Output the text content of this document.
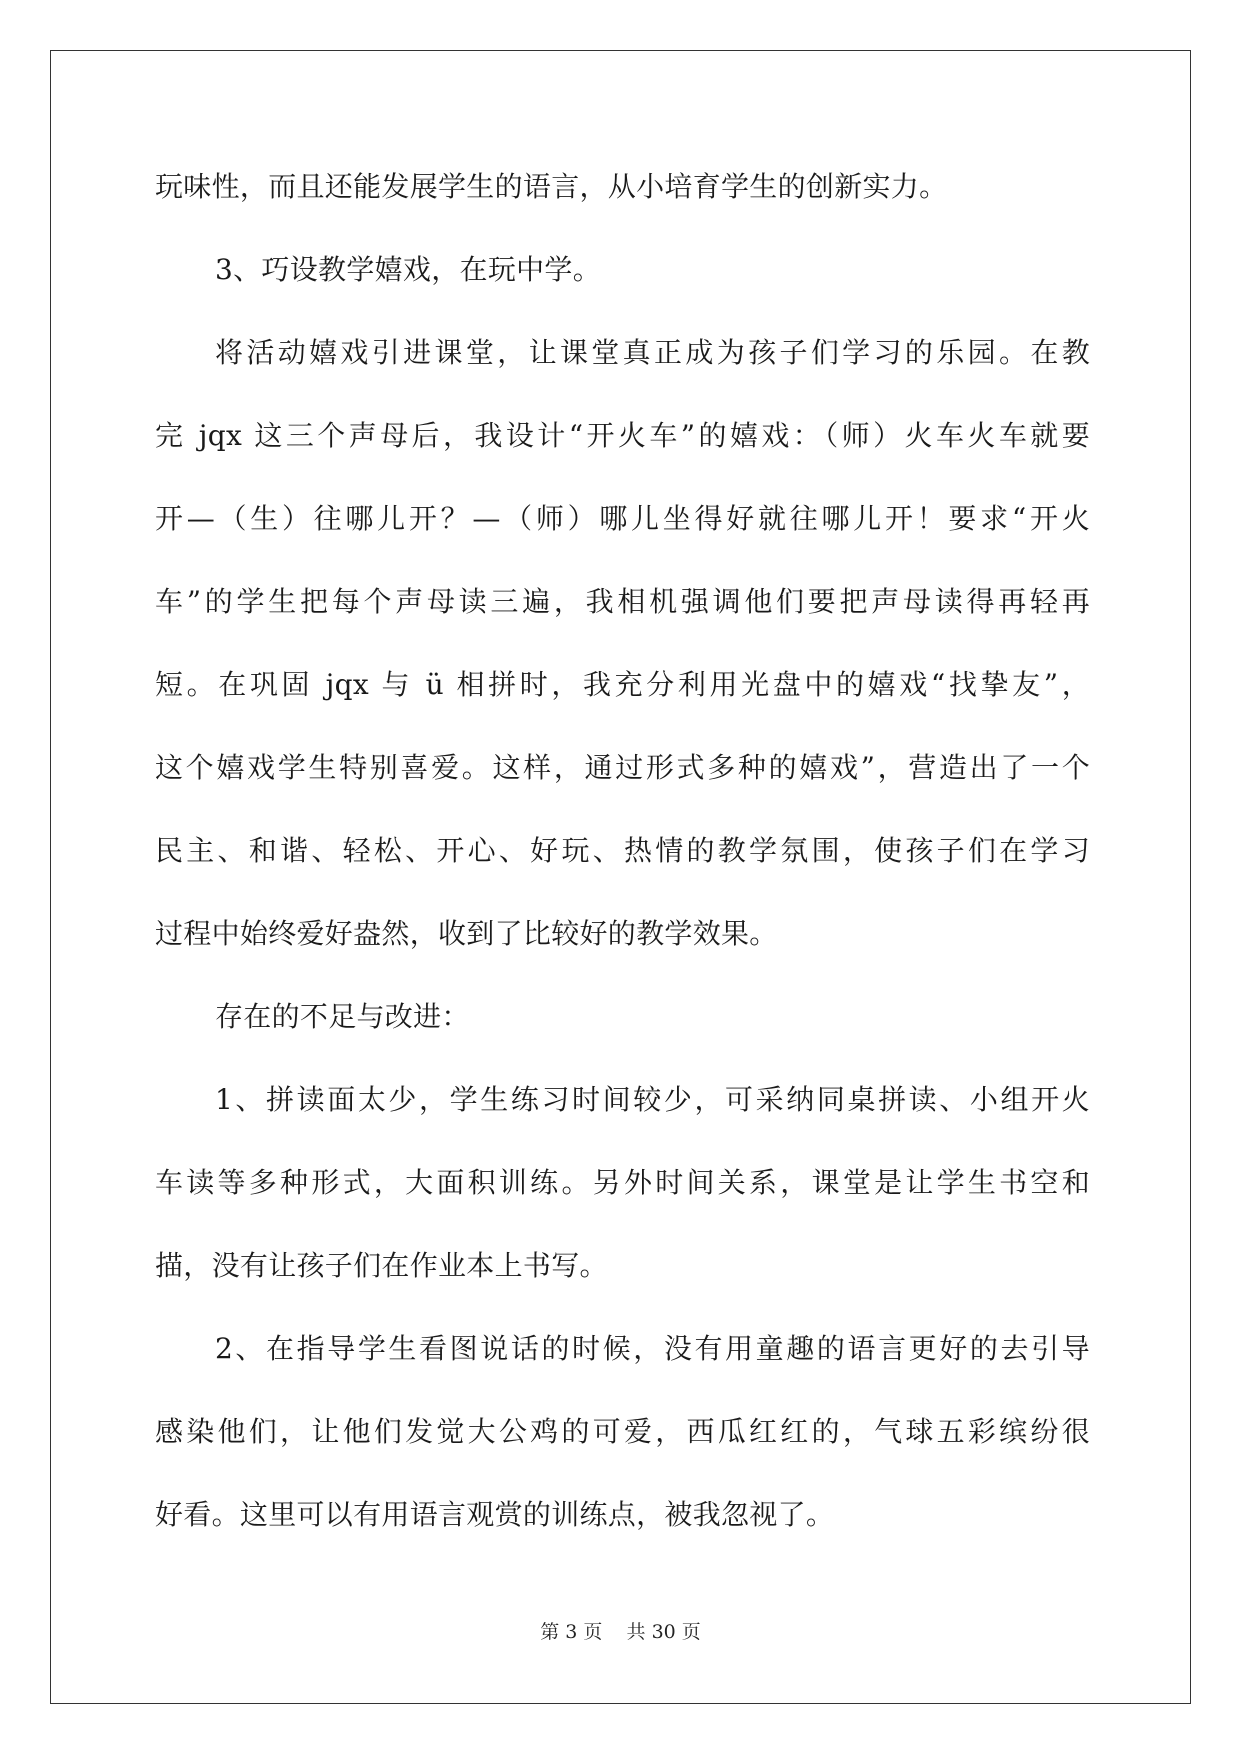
玩味性，而且还能发展学生的语言，从小培育学生的创新实力。
3、巧设教学嬉戏，在玩中学。
将活动嬉戏引进课堂，让课堂真正成为孩子们学习的乐园。在教
完 jqx 这三个声母后，我设计“开火车”的嬉戏：（师）火车火车就要
开—（生）往哪儿开？—（师）哪儿坐得好就往哪儿开！要求“开火
车”的学生把每个声母读三遍，我相机强调他们要把声母读得再轻再
短。在巩固 jqx 与 ü 相拼时，我充分利用光盘中的嬉戏“找挚友”，
这个嬉戏学生特别喜爱。这样，通过形式多种的嬉戏”，营造出了一个
民主、和谐、轻松、开心、好玩、热情的教学氛围，使孩子们在学习
过程中始终爱好盎然，收到了比较好的教学效果。
存在的不足与改进：
1、拼读面太少，学生练习时间较少，可采纳同桌拼读、小组开火
车读等多种形式，大面积训练。另外时间关系，课堂是让学生书空和
描，没有让孩子们在作业本上书写。
2、在指导学生看图说话的时候，没有用童趣的语言更好的去引导
感染他们，让他们发觉大公鸡的可爱，西瓜红红的，气球五彩缤纷很
好看。这里可以有用语言观赏的训练点，被我忽视了。
第 3 页 共 30 页
